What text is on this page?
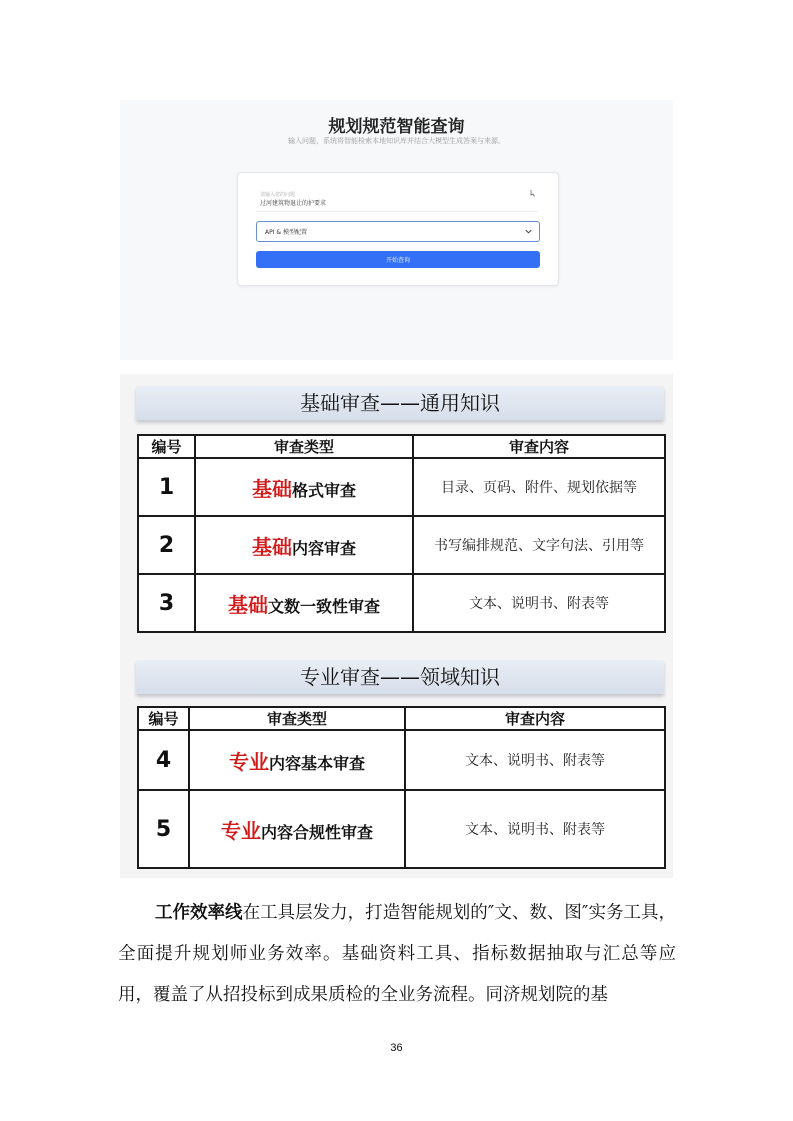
规划规范智能查询
输入问题，系统将智能检索本地知识库并结合大模型生成答案与来源。
请输入您的问题
过河建筑物退让的护要求
API & 模型配置
开始查询
基础审查——通用知识
编号	审查类型	审查内容
1	基础格式审查	目录、页码、附件、规划依据等
2	基础内容审查	书写编排规范、文字句法、引用等
3	基础文数一致性审查	文本、说明书、附表等
专业审查——领域知识
编号	审查类型	审查内容
4	专业内容基本审查	文本、说明书、附表等
5	专业内容合规性审查	文本、说明书、附表等

工作效率线在工具层发力，打造智能规划的″文、数、图″实务工具，全面提升规划师业务效率。基础资料工具、指标数据抽取与汇总等应用，覆盖了从招投标到成果质检的全业务流程。同济规划院的基

36
